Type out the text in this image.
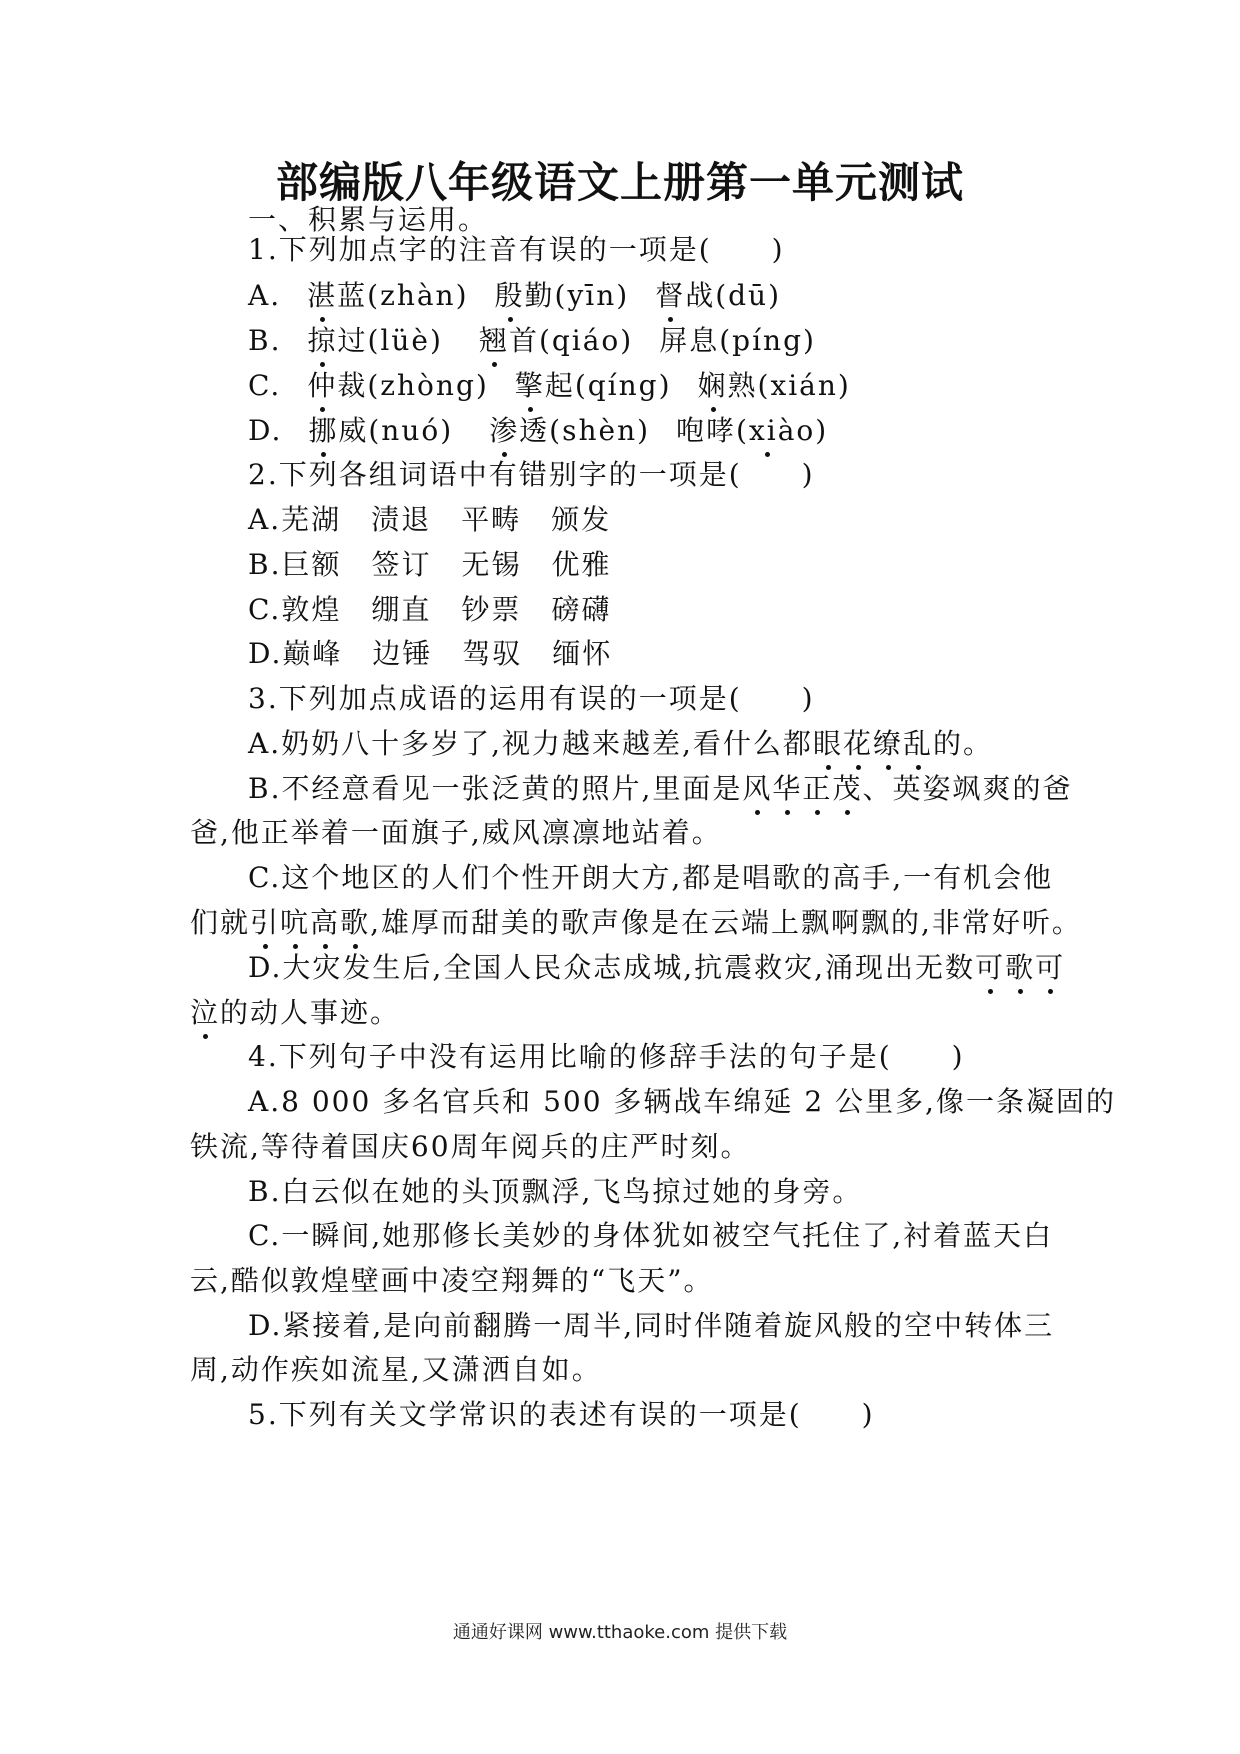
部编版八年级语文上册第一单元测试
一、积累与运用。
1.下列加点字的注音有误的一项是(　　)
A. 湛蓝(zhàn) 殷勤(yīn) 督战(dū)
B. 掠过(lüè) 翘首(qiáo) 屏息(píng)
C. 仲裁(zhòng) 擎起(qíng) 娴熟(xián)
D. 挪威(nuó) 渗透(shèn) 咆哮(xiào)
2.下列各组词语中有错别字的一项是(　　)
A.芜湖　渍退　平畴　颁发
B.巨额　签订　无锡　优雅
C.敦煌　绷直　钞票　磅礴
D.巅峰　边锤　驾驭　缅怀
3.下列加点成语的运用有误的一项是(　　)
A.奶奶八十多岁了,视力越来越差,看什么都眼花缭乱的。
B.不经意看见一张泛黄的照片,里面是风华正茂、英姿飒爽的爸
爸,他正举着一面旗子,威风凛凛地站着。
C.这个地区的人们个性开朗大方,都是唱歌的高手,一有机会他
们就引吭高歌,雄厚而甜美的歌声像是在云端上飘啊飘的,非常好听。
D.大灾发生后,全国人民众志成城,抗震救灾,涌现出无数可歌可
泣的动人事迹。
4.下列句子中没有运用比喻的修辞手法的句子是(　　)
A.8 000 多名官兵和 500 多辆战车绵延 2 公里多,像一条凝固的
铁流,等待着国庆60周年阅兵的庄严时刻。
B.白云似在她的头顶飘浮,飞鸟掠过她的身旁。
C.一瞬间,她那修长美妙的身体犹如被空气托住了,衬着蓝天白
云,酷似敦煌壁画中凌空翔舞的“飞天”。
D.紧接着,是向前翻腾一周半,同时伴随着旋风般的空中转体三
周,动作疾如流星,又潇洒自如。
5.下列有关文学常识的表述有误的一项是(　　)
通通好课网 www.tthaoke.com 提供下载
